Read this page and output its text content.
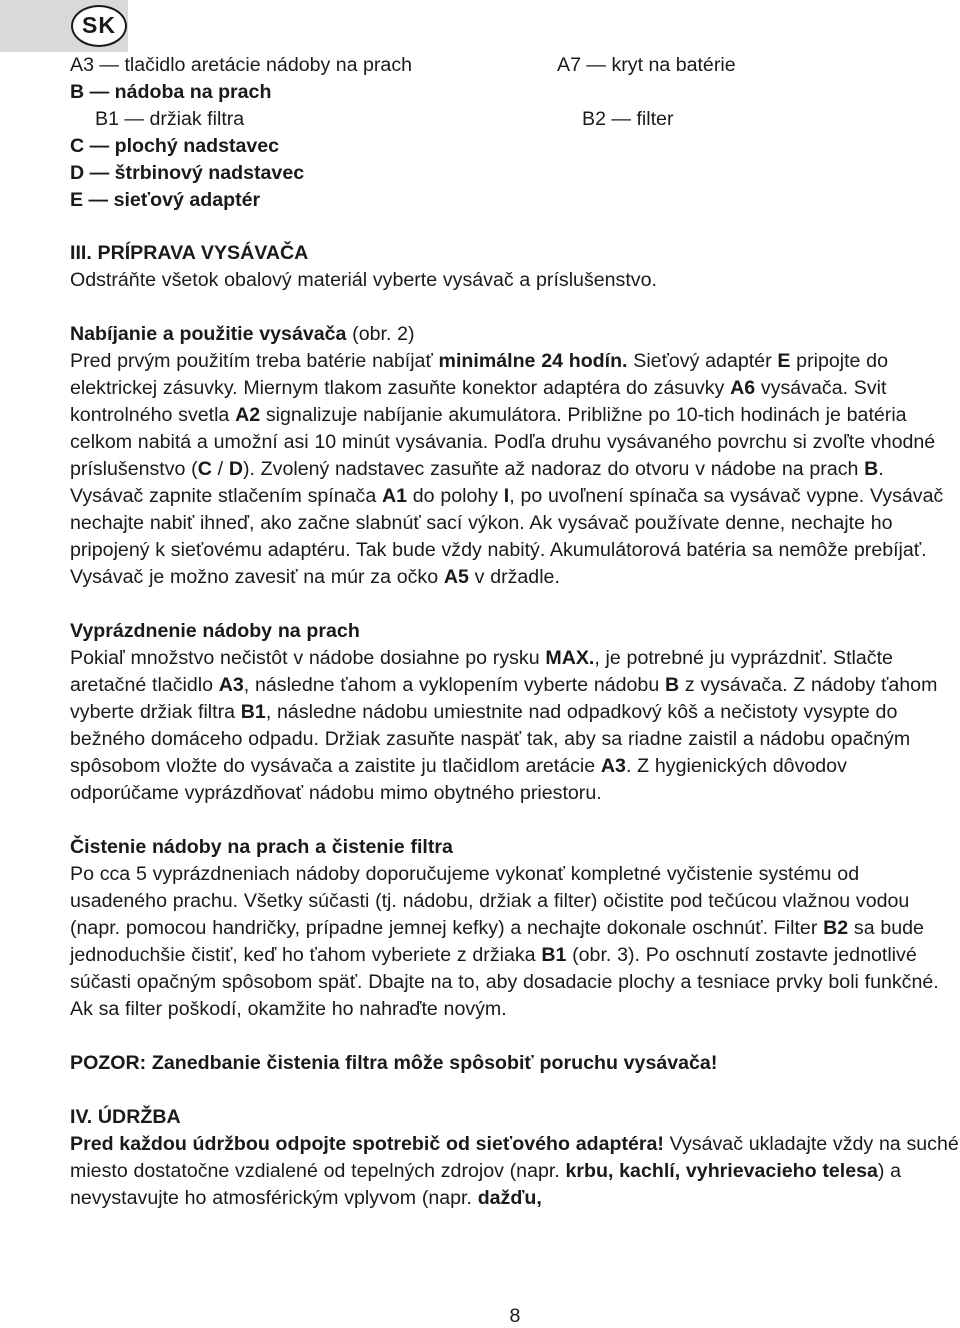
SK
A3 — tlačidlo aretácie nádoby na prach	A7 — kryt na batérie
B — nádoba na prach
B1 — držiak filtra	B2 — filter
C — plochý nadstavec
D — štrbinový nadstavec
E — sieťový adaptér

III. PRÍPRAVA VYSÁVAČA

Odstráňte všetok obalový materiál vyberte vysávač a príslušenstvo.

Nabíjanie a použitie vysávača (obr. 2)

Pred prvým použitím treba batérie nabíjať minimálne 24 hodín. Sieťový adaptér E pripojte do elektrickej zásuvky. Miernym tlakom zasuňte konektor adaptéra do zásuvky A6 vysávača. Svit kontrolného svetla A2 signalizuje nabíjanie akumulátora. Približne po 10-tich hodinách je batéria celkom nabitá a umožní asi 10 minút vysávania. Podľa druhu vysávaného povrchu si zvoľte vhodné príslušenstvo (C / D). Zvolený nadstavec zasuňte až nadoraz do otvoru v nádobe na prach B. Vysávač zapnite stlačením spínača A1 do polohy I, po uvoľnení spínača sa vysávač vypne. Vysávač nechajte nabiť ihneď, ako začne slabnúť sací výkon. Ak vysávač používate denne, nechajte ho pripojený k sieťovému adaptéru. Tak bude vždy nabitý. Akumulátorová batéria sa nemôže prebíjať. Vysávač je možno zavesiť na múr za očko A5 v držadle.

Vyprázdnenie nádoby na prach

Pokiaľ množstvo nečistôt v nádobe dosiahne po rysku MAX., je potrebné ju vyprázdniť. Stlačte aretačné tlačidlo A3, následne ťahom a vyklopením vyberte nádobu B z vysávača. Z nádoby ťahom vyberte držiak filtra B1, následne nádobu umiestnite nad odpadkový kôš a nečistoty vysypte do bežného domáceho odpadu. Držiak zasuňte naspäť tak, aby sa riadne zaistil a nádobu opačným spôsobom vložte do vysávača a zaistite ju tlačidlom aretácie A3. Z hygienických dôvodov odporúčame vyprázdňovať nádobu mimo obytného priestoru.

Čistenie nádoby na prach a čistenie filtra

Po cca 5 vyprázdneniach nádoby doporučujeme vykonať kompletné vyčistenie systému od usadeného prachu. Všetky súčasti (tj. nádobu, držiak a filter) očistite pod tečúcou vlažnou vodou (napr. pomocou handričky, prípadne jemnej kefky) a nechajte dokonale oschnúť. Filter B2 sa bude jednoduchšie čistiť, keď ho ťahom vyberiete z držiaka B1 (obr. 3). Po oschnutí zostavte jednotlivé súčasti opačným spôsobom späť. Dbajte na to, aby dosadacie plochy a tesniace prvky boli funkčné. Ak sa filter poškodí, okamžite ho nahraďte novým.

POZOR: Zanedbanie čistenia filtra môže spôsobiť poruchu vysávača!

IV. ÚDRŽBA

Pred každou údržbou odpojte spotrebič od sieťového adaptéra! Vysávač ukladajte vždy na suché miesto dostatočne vzdialené od tepelných zdrojov (napr. krbu, kachlí, vyhrievacieho telesa) a nevystavujte ho atmosférickým vplyvom (napr. dažďu,

8
